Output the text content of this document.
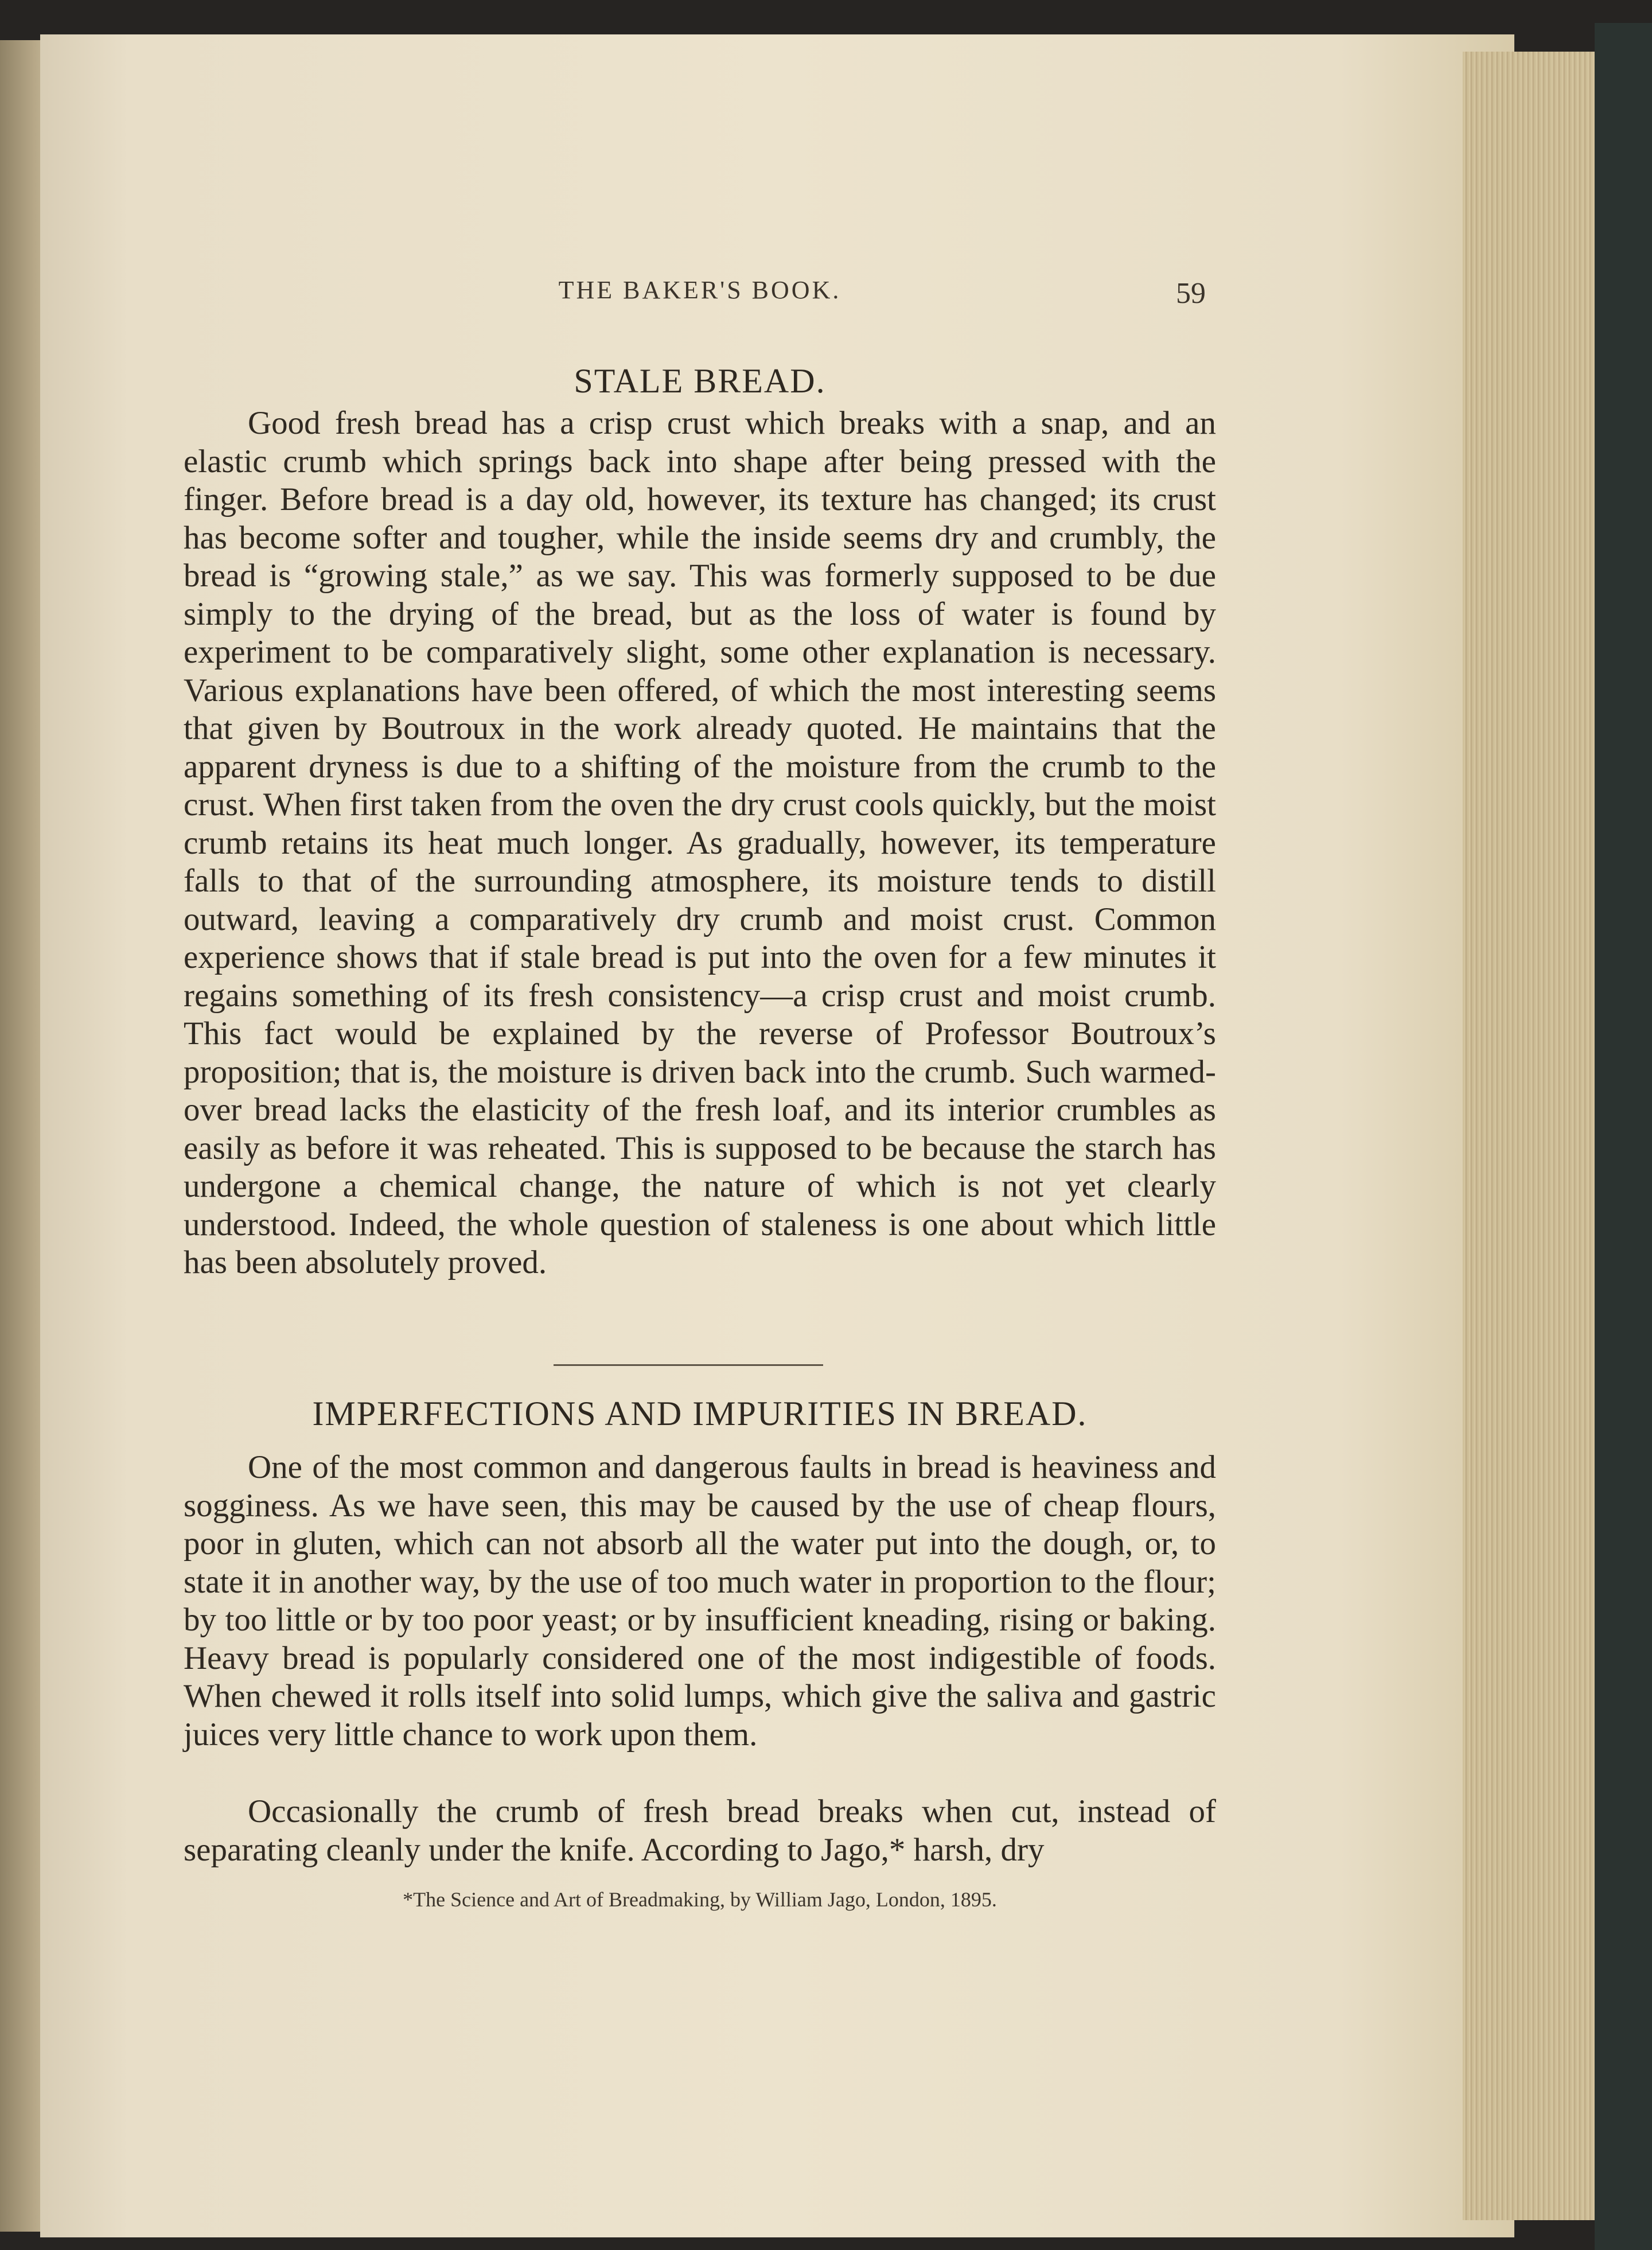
THE BAKER'S BOOK.	59
STALE BREAD.

Good fresh bread has a crisp crust which breaks with a snap, and an elastic crumb which springs back into shape after being pressed with the finger. Before bread is a day old, however, its texture has changed; its crust has become softer and tougher, while the inside seems dry and crumbly, the bread is “growing stale,” as we say. This was formerly supposed to be due simply to the drying of the bread, but as the loss of water is found by experiment to be comparatively slight, some other explanation is necessary. Various explanations have been offered, of which the most interesting seems that given by Boutroux in the work already quoted. He maintains that the apparent dryness is due to a shifting of the moisture from the crumb to the crust. When first taken from the oven the dry crust cools quickly, but the moist crumb retains its heat much longer. As gradually, however, its temperature falls to that of the surrounding atmosphere, its moisture tends to distill outward, leaving a comparatively dry crumb and moist crust. Common experience shows that if stale bread is put into the oven for a few minutes it regains something of its fresh consistency—a crisp crust and moist crumb. This fact would be explained by the reverse of Professor Boutroux’s proposition; that is, the moisture is driven back into the crumb. Such warmed-over bread lacks the elasticity of the fresh loaf, and its interior crumbles as easily as before it was reheated. This is supposed to be because the starch has undergone a chemical change, the nature of which is not yet clearly understood. Indeed, the whole question of staleness is one about which little has been absolutely proved.

IMPERFECTIONS AND IMPURITIES IN BREAD.

One of the most common and dangerous faults in bread is heaviness and sogginess. As we have seen, this may be caused by the use of cheap flours, poor in gluten, which can not absorb all the water put into the dough, or, to state it in another way, by the use of too much water in proportion to the flour; by too little or by too poor yeast; or by insufficient kneading, rising or baking. Heavy bread is popularly considered one of the most indigestible of foods. When chewed it rolls itself into solid lumps, which give the saliva and gastric juices very little chance to work upon them.

Occasionally the crumb of fresh bread breaks when cut, instead of separating cleanly under the knife. According to Jago,* harsh, dry

*The Science and Art of Breadmaking, by William Jago, London, 1895.
